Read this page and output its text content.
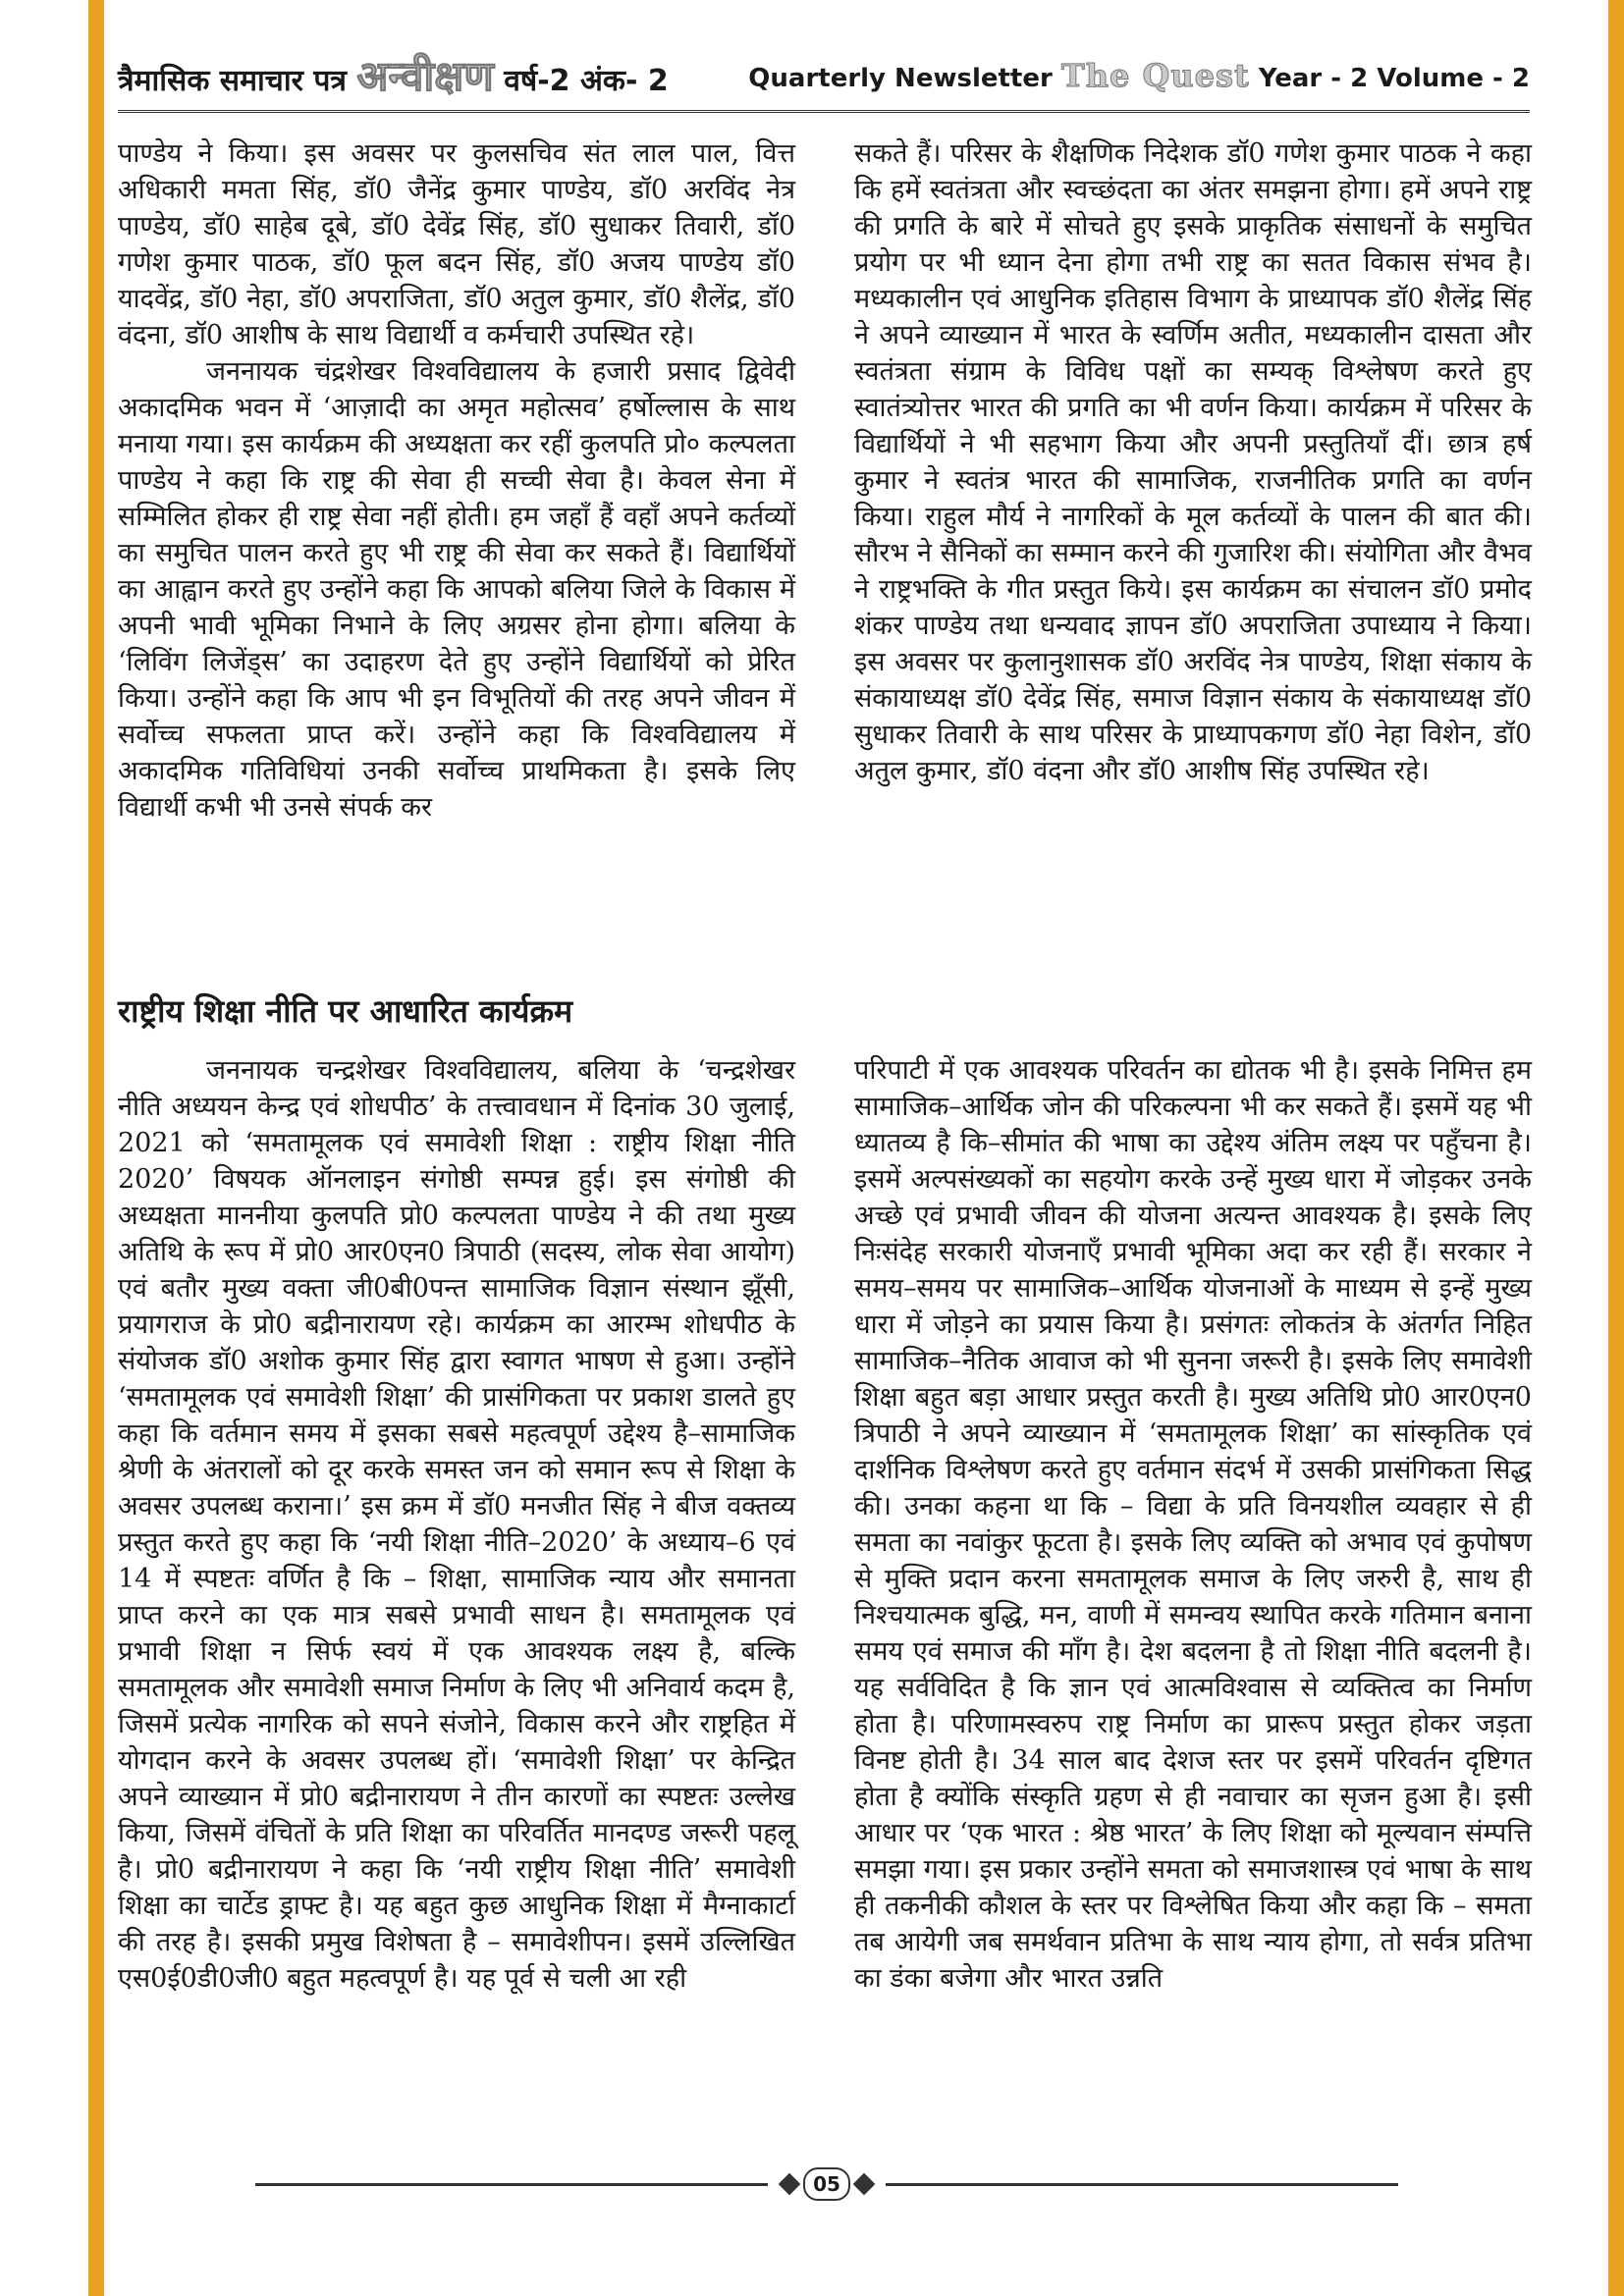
त्रैमासिक समाचार पत्र अन्वीक्षण वर्ष-2 अंक- 2	Quarterly Newsletter The Quest Year - 2 Volume - 2

पाण्डेय ने किया। इस अवसर पर कुलसचिव संत लाल पाल, वित्त अधिकारी ममता सिंह, डॉ0 जैनेंद्र कुमार पाण्डेय, डॉ0 अरविंद नेत्र पाण्डेय, डॉ0 साहेब दूबे, डॉ0 देवेंद्र सिंह, डॉ0 सुधाकर तिवारी, डॉ0 गणेश कुमार पाठक, डॉ0 फूल बदन सिंह, डॉ0 अजय पाण्डेय डॉ0 यादवेंद्र, डॉ0 नेहा, डॉ0 अपराजिता, डॉ0 अतुल कुमार, डॉ0 शैलेंद्र, डॉ0 वंदना, डॉ0 आशीष के साथ विद्यार्थी व कर्मचारी उपस्थित रहे।

जननायक चंद्रशेखर विश्वविद्यालय के हजारी प्रसाद द्विवेदी अकादमिक भवन में ‘आज़ादी का अमृत महोत्सव’ हर्षोल्लास के साथ मनाया गया। इस कार्यक्रम की अध्यक्षता कर रहीं कुलपति प्रो० कल्पलता पाण्डेय ने कहा कि राष्ट्र की सेवा ही सच्ची सेवा है। केवल सेना में सम्मिलित होकर ही राष्ट्र सेवा नहीं होती। हम जहाँ हैं वहाँ अपने कर्तव्यों का समुचित पालन करते हुए भी राष्ट्र की सेवा कर सकते हैं। विद्यार्थियों का आह्वान करते हुए उन्होंने कहा कि आपको बलिया जिले के विकास में अपनी भावी भूमिका निभाने के लिए अग्रसर होना होगा। बलिया के ‘लिविंग लिजेंड्स’ का उदाहरण देते हुए उन्होंने विद्यार्थियों को प्रेरित किया। उन्होंने कहा कि आप भी इन विभूतियों की तरह अपने जीवन में सर्वोच्च सफलता प्राप्त करें। उन्होंने कहा कि विश्वविद्यालय में अकादमिक गतिविधियां उनकी सर्वोच्च प्राथमिकता है। इसके लिए विद्यार्थी कभी भी उनसे संपर्क कर

सकते हैं। परिसर के शैक्षणिक निदेशक डॉ0 गणेश कुमार पाठक ने कहा कि हमें स्वतंत्रता और स्वच्छंदता का अंतर समझना होगा। हमें अपने राष्ट्र की प्रगति के बारे में सोचते हुए इसके प्राकृतिक संसाधनों के समुचित प्रयोग पर भी ध्यान देना होगा तभी राष्ट्र का सतत विकास संभव है। मध्यकालीन एवं आधुनिक इतिहास विभाग के प्राध्यापक डॉ0 शैलेंद्र सिंह ने अपने व्याख्यान में भारत के स्वर्णिम अतीत, मध्यकालीन दासता और स्वतंत्रता संग्राम के विविध पक्षों का सम्यक् विश्लेषण करते हुए स्वातंत्र्योत्तर भारत की प्रगति का भी वर्णन किया। कार्यक्रम में परिसर के विद्यार्थियों ने भी सहभाग किया और अपनी प्रस्तुतियाँ दीं। छात्र हर्ष कुमार ने स्वतंत्र भारत की सामाजिक, राजनीतिक प्रगति का वर्णन किया। राहुल मौर्य ने नागरिकों के मूल कर्तव्यों के पालन की बात की। सौरभ ने सैनिकों का सम्मान करने की गुजारिश की। संयोगिता और वैभव ने राष्ट्रभक्ति के गीत प्रस्तुत किये। इस कार्यक्रम का संचालन डॉ0 प्रमोद शंकर पाण्डेय तथा धन्यवाद ज्ञापन डॉ0 अपराजिता उपाध्याय ने किया। इस अवसर पर कुलानुशासक डॉ0 अरविंद नेत्र पाण्डेय, शिक्षा संकाय के संकायाध्यक्ष डॉ0 देवेंद्र सिंह, समाज विज्ञान संकाय के संकायाध्यक्ष डॉ0 सुधाकर तिवारी के साथ परिसर के प्राध्यापकगण डॉ0 नेहा विशेन, डॉ0 अतुल कुमार, डॉ0 वंदना और डॉ0 आशीष सिंह उपस्थित रहे।

राष्ट्रीय शिक्षा नीति पर आधारित कार्यक्रम

जननायक चन्द्रशेखर विश्वविद्यालय, बलिया के ‘चन्द्रशेखर नीति अध्ययन केन्द्र एवं शोधपीठ’ के तत्त्वावधान में दिनांक 30 जुलाई, 2021 को ‘समतामूलक एवं समावेशी शिक्षा : राष्ट्रीय शिक्षा नीति 2020’ विषयक ऑनलाइन संगोष्ठी सम्पन्न हुई। इस संगोष्ठी की अध्यक्षता माननीया कुलपति प्रो0 कल्पलता पाण्डेय ने की तथा मुख्य अतिथि के रूप में प्रो0 आर0एन0 त्रिपाठी (सदस्य, लोक सेवा आयोग) एवं बतौर मुख्य वक्ता जी0बी0पन्त सामाजिक विज्ञान संस्थान झूँसी, प्रयागराज के प्रो0 बद्रीनारायण रहे। कार्यक्रम का आरम्भ शोधपीठ के संयोजक डॉ0 अशोक कुमार सिंह द्वारा स्वागत भाषण से हुआ। उन्होंने ‘समतामूलक एवं समावेशी शिक्षा’ की प्रासंगिकता पर प्रकाश डालते हुए कहा कि वर्तमान समय में इसका सबसे महत्वपूर्ण उद्देश्य है–सामाजिक श्रेणी के अंतरालों को दूर करके समस्त जन को समान रूप से शिक्षा के अवसर उपलब्ध कराना।’ इस क्रम में डॉ0 मनजीत सिंह ने बीज वक्तव्य प्रस्तुत करते हुए कहा कि ‘नयी शिक्षा नीति–2020’ के अध्याय–6 एवं 14 में स्पष्टतः वर्णित है कि – शिक्षा, सामाजिक न्याय और समानता प्राप्त करने का एक मात्र सबसे प्रभावी साधन है। समतामूलक एवं प्रभावी शिक्षा न सिर्फ स्वयं में एक आवश्यक लक्ष्य है, बल्कि समतामूलक और समावेशी समाज निर्माण के लिए भी अनिवार्य कदम है, जिसमें प्रत्येक नागरिक को सपने संजोने, विकास करने और राष्ट्रहित में योगदान करने के अवसर उपलब्ध हों। ‘समावेशी शिक्षा’ पर केन्द्रित अपने व्याख्यान में प्रो0 बद्रीनारायण ने तीन कारणों का स्पष्टतः उल्लेख किया, जिसमें वंचितों के प्रति शिक्षा का परिवर्तित मानदण्ड जरूरी पहलू है। प्रो0 बद्रीनारायण ने कहा कि ‘नयी राष्ट्रीय शिक्षा नीति’ समावेशी शिक्षा का चार्टेड ड्राफ्ट है। यह बहुत कुछ आधुनिक शिक्षा में मैग्नाकार्टा की तरह है। इसकी प्रमुख विशेषता है – समावेशीपन। इसमें उल्लिखित एस0ई0डी0जी0 बहुत महत्वपूर्ण है। यह पूर्व से चली आ रही

परिपाटी में एक आवश्यक परिवर्तन का द्योतक भी है। इसके निमित्त हम सामाजिक–आर्थिक जोन की परिकल्पना भी कर सकते हैं। इसमें यह भी ध्यातव्य है कि–सीमांत की भाषा का उद्देश्य अंतिम लक्ष्य पर पहुँचना है। इसमें अल्पसंख्यकों का सहयोग करके उन्हें मुख्य धारा में जोड़कर उनके अच्छे एवं प्रभावी जीवन की योजना अत्यन्त आवश्यक है। इसके लिए निःसंदेह सरकारी योजनाएँ प्रभावी भूमिका अदा कर रही हैं। सरकार ने समय–समय पर सामाजिक–आर्थिक योजनाओं के माध्यम से इन्हें मुख्य धारा में जोड़ने का प्रयास किया है। प्रसंगतः लोकतंत्र के अंतर्गत निहित सामाजिक–नैतिक आवाज को भी सुनना जरूरी है। इसके लिए समावेशी शिक्षा बहुत बड़ा आधार प्रस्तुत करती है। मुख्य अतिथि प्रो0 आर0एन0 त्रिपाठी ने अपने व्याख्यान में ‘समतामूलक शिक्षा’ का सांस्कृतिक एवं दार्शनिक विश्लेषण करते हुए वर्तमान संदर्भ में उसकी प्रासंगिकता सिद्ध की। उनका कहना था कि – विद्या के प्रति विनयशील व्यवहार से ही समता का नवांकुर फूटता है। इसके लिए व्यक्ति को अभाव एवं कुपोषण से मुक्ति प्रदान करना समतामूलक समाज के लिए जरुरी है, साथ ही निश्चयात्मक बुद्धि, मन, वाणी में समन्वय स्थापित करके गतिमान बनाना समय एवं समाज की माँग है। देश बदलना है तो शिक्षा नीति बदलनी है। यह सर्वविदित है कि ज्ञान एवं आत्मविश्वास से व्यक्तित्व का निर्माण होता है। परिणामस्वरुप राष्ट्र निर्माण का प्रारूप प्रस्तुत होकर जड़ता विनष्ट होती है। 34 साल बाद देशज स्तर पर इसमें परिवर्तन दृष्टिगत होता है क्योंकि संस्कृति ग्रहण से ही नवाचार का सृजन हुआ है। इसी आधार पर ‘एक भारत : श्रेष्ठ भारत’ के लिए शिक्षा को मूल्यवान संम्पत्ति समझा गया। इस प्रकार उन्होंने समता को समाजशास्त्र एवं भाषा के साथ ही तकनीकी कौशल के स्तर पर विश्लेषित किया और कहा कि – समता तब आयेगी जब समर्थवान प्रतिभा के साथ न्याय होगा, तो सर्वत्र प्रतिभा का डंका बजेगा और भारत उन्नति

05
